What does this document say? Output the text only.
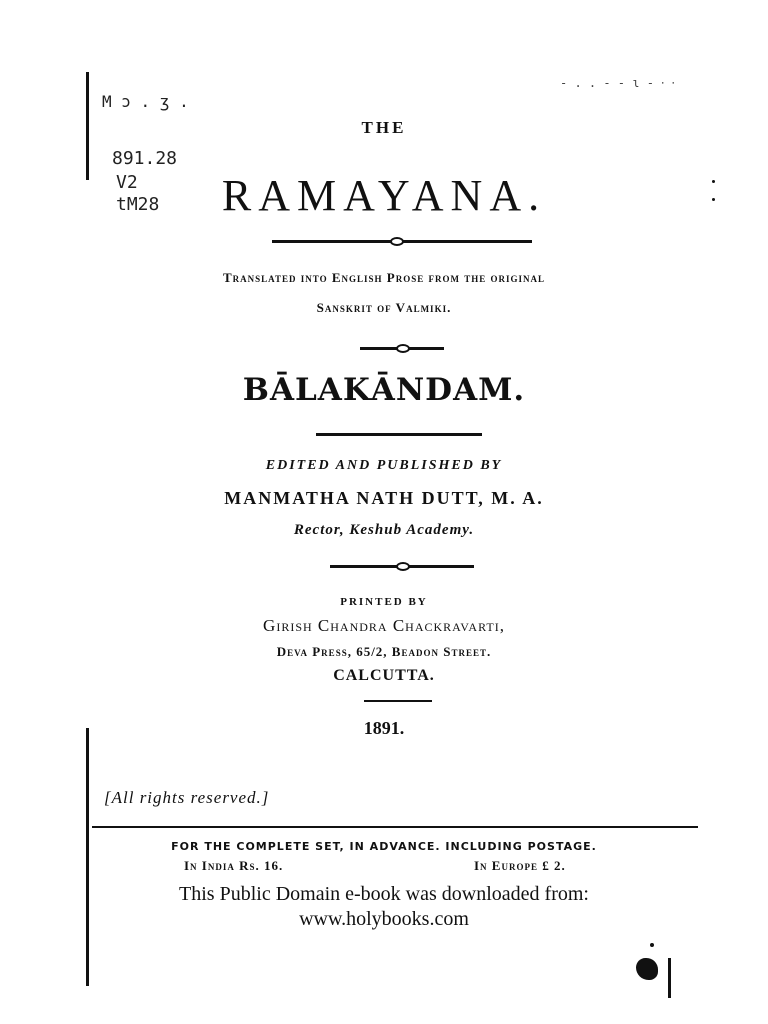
M ɔ . ʒ .
891.28
V2
tM28
- . . - - ɩ - ⸱ ⸱
THE
RAMAYANA.
Translated into English Prose from the original
Sanskrit of Valmiki.
BĀLAKĀNDAM.
EDITED AND PUBLISHED BY
MANMATHA NATH DUTT, M. A.
Rector, Keshub Academy.
PRINTED BY
Girish Chandra Chackravarti,
Deva Press, 65/2, Beadon Street.
CALCUTTA.
1891.
[All rights reserved.]
FOR THE COMPLETE SET, IN ADVANCE. INCLUDING POSTAGE.
In India Rs. 16.	In Europe £ 2.
This Public Domain e-book was downloaded from:
www.holybooks.com
